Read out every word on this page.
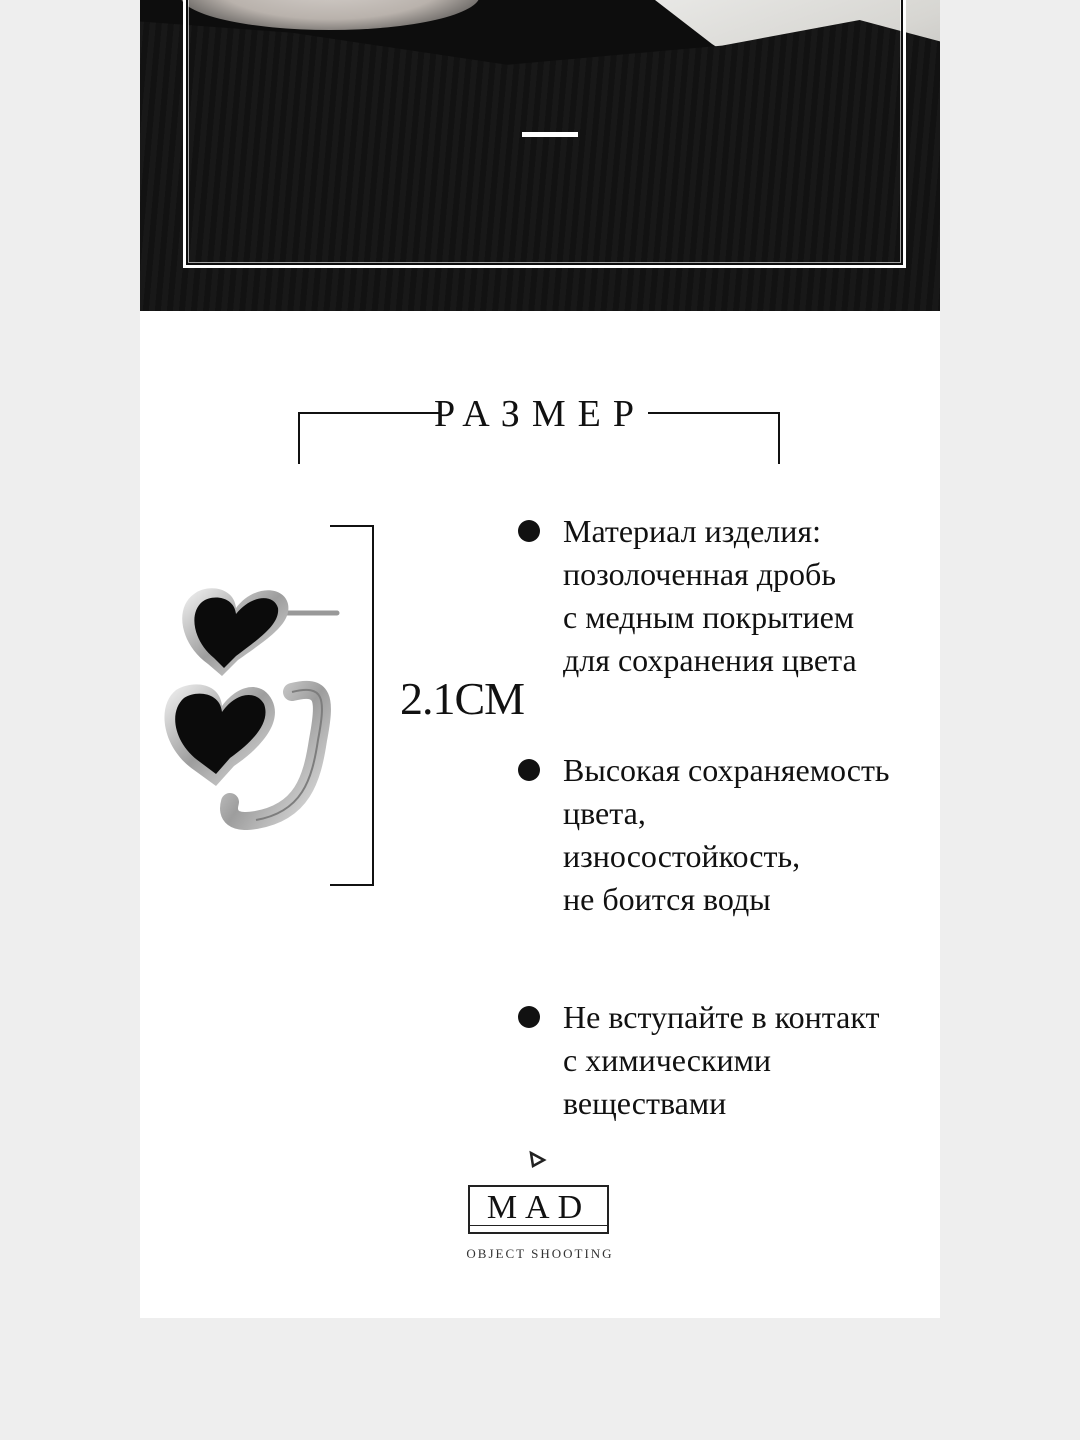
РАЗМЕР
2.1CM
Материал изделия:
позолоченная дробь
с медным покрытием
для сохранения цвета
Высокая сохраняемость
цвета,
износостойкость,
не боится воды
Не вступайте в контакт
с химическими
веществами
MAD
OBJECT SHOOTING
